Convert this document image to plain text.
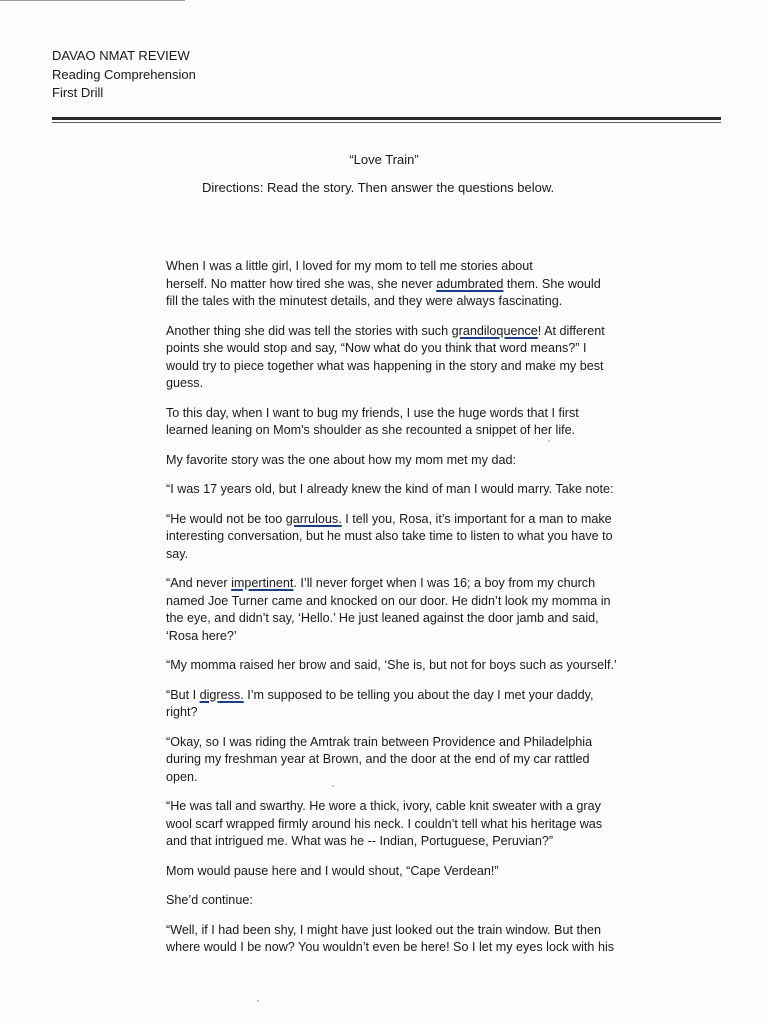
DAVAO NMAT REVIEW
Reading Comprehension
First Drill
“Love Train”
Directions: Read the story. Then answer the questions below.

When I was a little girl, I loved for my mom to tell me stories about
herself. No matter how tired she was, she never adumbrated them. She would
fill the tales with the minutest details, and they were always fascinating.

Another thing she did was tell the stories with such grandiloquence! At different
points she would stop and say, “Now what do you think that word means?” I
would try to piece together what was happening in the story and make my best
guess.

To this day, when I want to bug my friends, I use the huge words that I first
learned leaning on Mom's shoulder as she recounted a snippet of her life.

My favorite story was the one about how my mom met my dad:

“I was 17 years old, but I already knew the kind of man I would marry. Take note:

“He would not be too garrulous. I tell you, Rosa, it’s important for a man to make
interesting conversation, but he must also take time to listen to what you have to
say.

“And never impertinent. I’ll never forget when I was 16; a boy from my church
named Joe Turner came and knocked on our door. He didn’t look my momma in
the eye, and didn’t say, ‘Hello.’ He just leaned against the door jamb and said,
‘Rosa here?’

“My momma raised her brow and said, ‘She is, but not for boys such as yourself.’

“But I digress. I’m supposed to be telling you about the day I met your daddy,
right?

“Okay, so I was riding the Amtrak train between Providence and Philadelphia
during my freshman year at Brown, and the door at the end of my car rattled
open.

“He was tall and swarthy. He wore a thick, ivory, cable knit sweater with a gray
wool scarf wrapped firmly around his neck. I couldn’t tell what his heritage was
and that intrigued me. What was he -- Indian, Portuguese, Peruvian?”

Mom would pause here and I would shout, “Cape Verdean!”

She’d continue:

“Well, if I had been shy, I might have just looked out the train window. But then
where would I be now? You wouldn’t even be here! So I let my eyes lock with his
